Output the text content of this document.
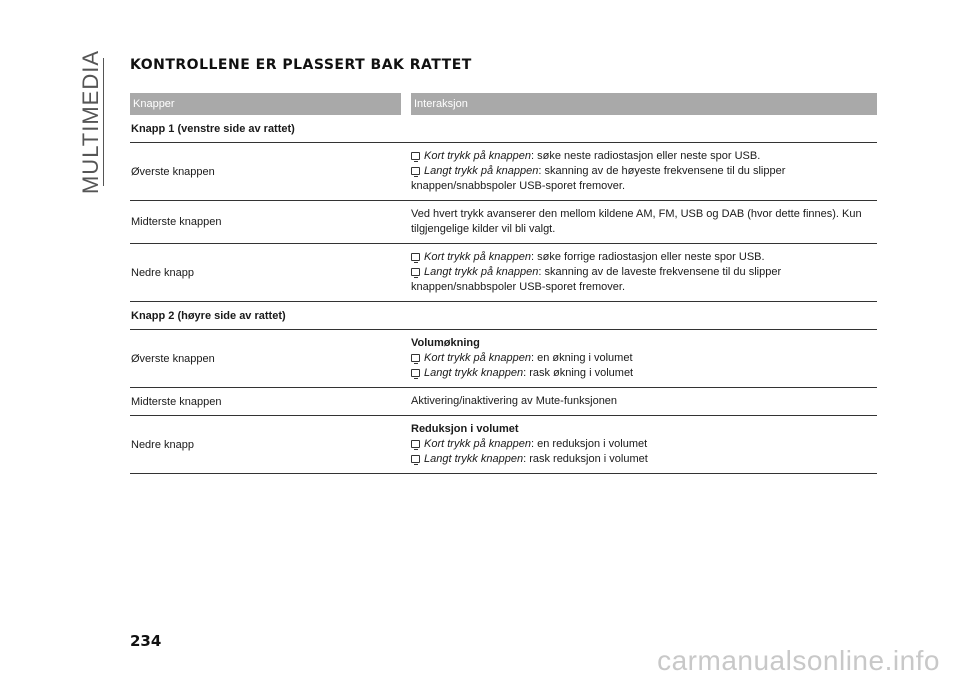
MULTIMEDIA KONTROLLENE ER PLASSERT BAK RATTET
Knapper	Interaksjon
Knapp 1 (venstre side av rattet)
Øverste knappen
Kort trykk på knappen: søke neste radiostasjon eller neste spor USB.
Langt trykk på knappen: skanning av de høyeste frekvensene til du slipper knappen/snabbspoler USB-sporet fremover.
Midterste knappen
Ved hvert trykk avanserer den mellom kildene AM, FM, USB og DAB (hvor dette finnes). Kun tilgjengelige kilder vil bli valgt.
Nedre knapp
Kort trykk på knappen: søke forrige radiostasjon eller neste spor USB.
Langt trykk på knappen: skanning av de laveste frekvensene til du slipper knappen/snabbspoler USB-sporet fremover.
Knapp 2 (høyre side av rattet)
Øverste knappen
Volumøkning
Kort trykk på knappen: en økning i volumet
Langt trykk knappen: rask økning i volumet
Midterste knappen	Aktivering/inaktivering av Mute-funksjonen
Nedre knapp
Reduksjon i volumet
Kort trykk på knappen: en reduksjon i volumet
Langt trykk knappen: rask reduksjon i volumet
234
carmanualsonline.info
